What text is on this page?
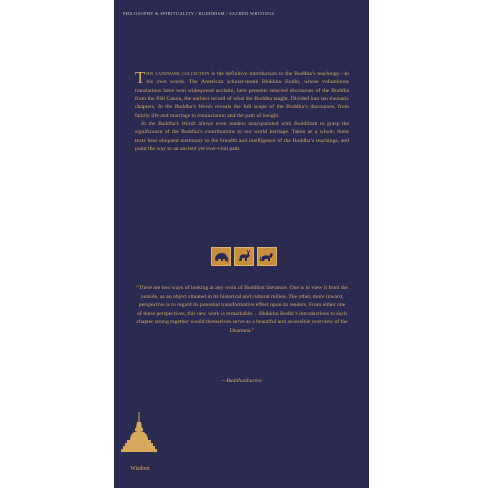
PHILOSOPHY & SPIRITUALITY / BUDDHISM / SACRED WRITINGS

This landmark collection is the definitive introduction to the Buddha’s teachings—in his own words. The American scholar-monk Bhikkhu Bodhi, whose voluminous translations have won widespread acclaim, here presents selected discourses of the Buddha from the Pāli Canon, the earliest record of what the Buddha taught. Divided into ten thematic chapters, In the Buddha’s Words reveals the full scope of the Buddha’s discourses, from family life and marriage to renunciation and the path of insight.

In the Buddha’s Words allows even readers unacquainted with Buddhism to grasp the significance of the Buddha’s contributions to our world heritage. Taken as a whole, these texts bear eloquent testimony to the breadth and intelligence of the Buddha’s teachings, and point the way to an ancient yet ever-vital path.

“There are two ways of looking at any work of Buddhist literature. One is to view it from the outside, as an object situated in its historical and cultural milieu. The other, more inward, perspective is to regard its potential transformative effect upon its readers. From either one of these perspectives, this new work is remarkable. . .Bhikkhu Bodhi’s introductions to each chapter strung together would themselves serve as a beautiful and accessible overview of the Dhamma.”

—Buddhadharma
Wisdom
